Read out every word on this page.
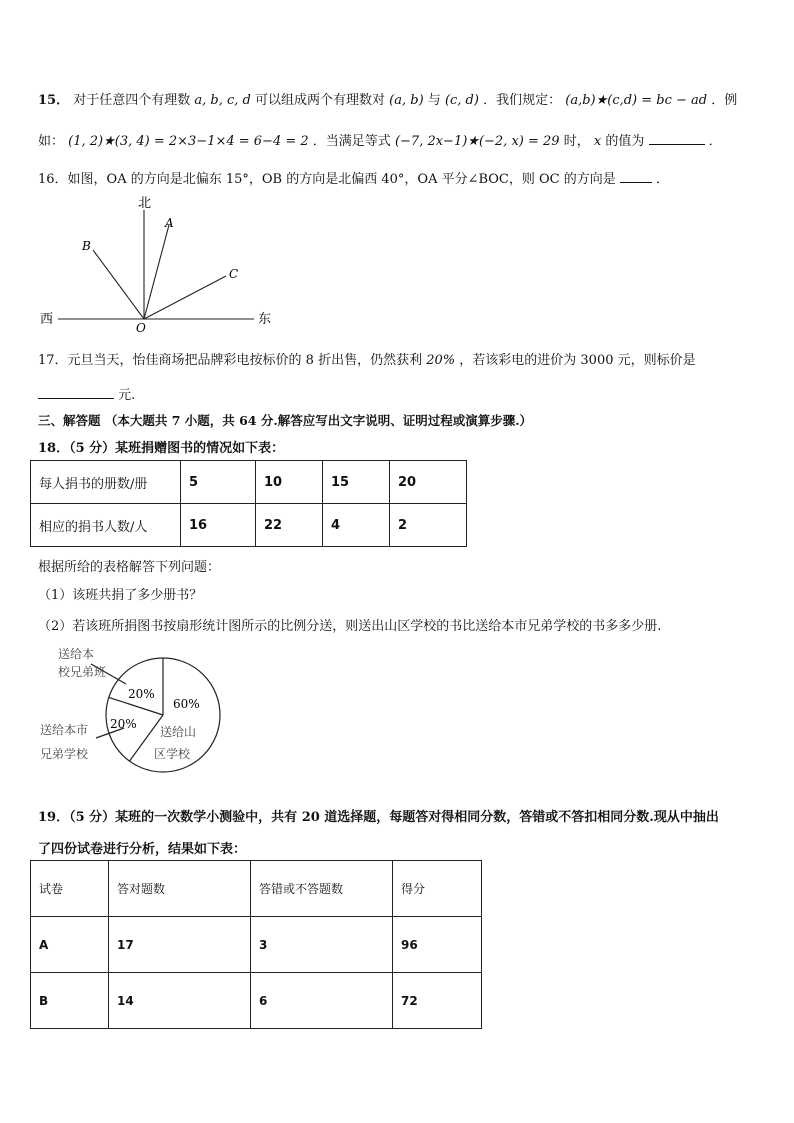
15． 对于任意四个有理数 a, b, c, d 可以组成两个有理数对 (a, b) 与 (c, d) ．我们规定： (a,b)★(c,d) = bc − ad ．例
如： (1, 2)★(3, 4) = 2×3−1×4 = 6−4 = 2 ．当满足等式 (−7, 2x−1)★(−2, x) = 29 时， x 的值为	．
16．如图，OA 的方向是北偏东 15°，OB 的方向是北偏西 40°，OA 平分∠BOC，则 OC 的方向是	．
北
西	东
A
B
C
O
17．元旦当天，怡佳商场把品牌彩电按标价的 8 折出售，仍然获利 20% ，若该彩电的进价为 3000 元，则标价是
元.
三、解答题 （本大题共 7 小题，共 64 分.解答应写出文字说明、证明过程或演算步骤.）
18．（5 分）某班捐赠图书的情况如下表：
每人捐书的册数/册	5	10	15	20
相应的捐书人数/人	16	22	4	2
根据所给的表格解答下列问题：
（1）该班共捐了多少册书？
（2）若该班所捐图书按扇形统计图所示的比例分送，则送出山区学校的书比送给本市兄弟学校的书多多少册.
20%
20%
60%
送给本
校兄弟班
送给本市
兄弟学校
送给山
区学校
19．（5 分）某班的一次数学小测验中，共有 20 道选择题，每题答对得相同分数，答错或不答扣相同分数.现从中抽出
了四份试卷进行分析，结果如下表：
试卷	答对题数	答错或不答题数	得分
A	17	3	96
B	14	6	72
